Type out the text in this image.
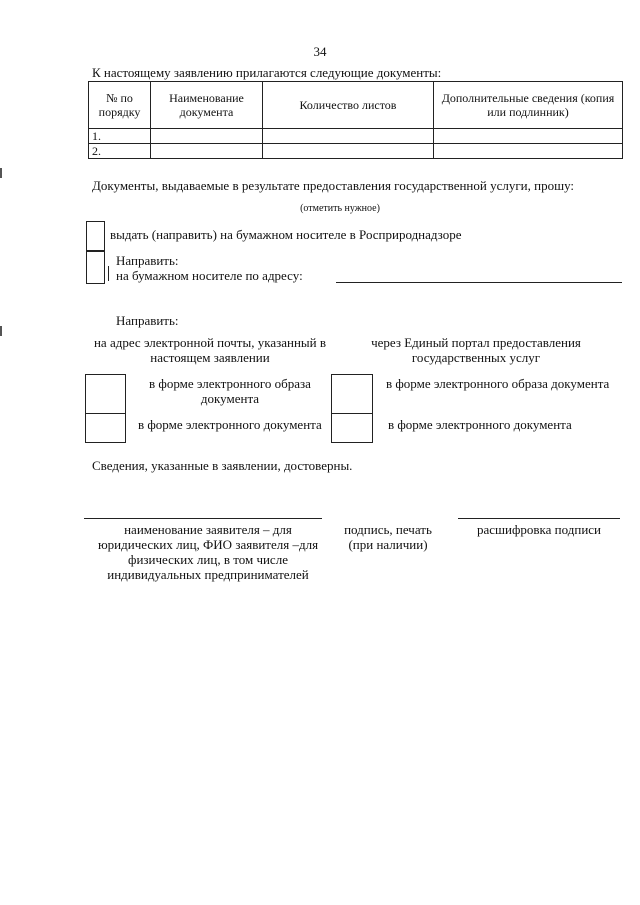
34
К настоящему заявлению прилагаются следующие документы:
№ по порядку	Наименование документа	Количество листов	Дополнительные сведения (копия или подлинник)
1.			
2.			
Документы, выдаваемые в результате предоставления государственной услуги, прошу:
(отметить нужное)
выдать (направить) на бумажном носителе в Росприроднадзоре
Направить:
на бумажном носителе по адресу:
Направить:
на адрес электронной почты, указанный в настоящем заявлении
через Единый портал предоставления государственных услуг
в форме электронного образа документа
в форме электронного документа
в форме электронного образа документа
в форме электронного документа
Сведения, указанные в заявлении, достоверны.
наименование заявителя – для юридических лиц, ФИО заявителя –для физических лиц, в том числе индивидуальных предпринимателей
подпись, печать (при наличии)
расшифровка подписи
